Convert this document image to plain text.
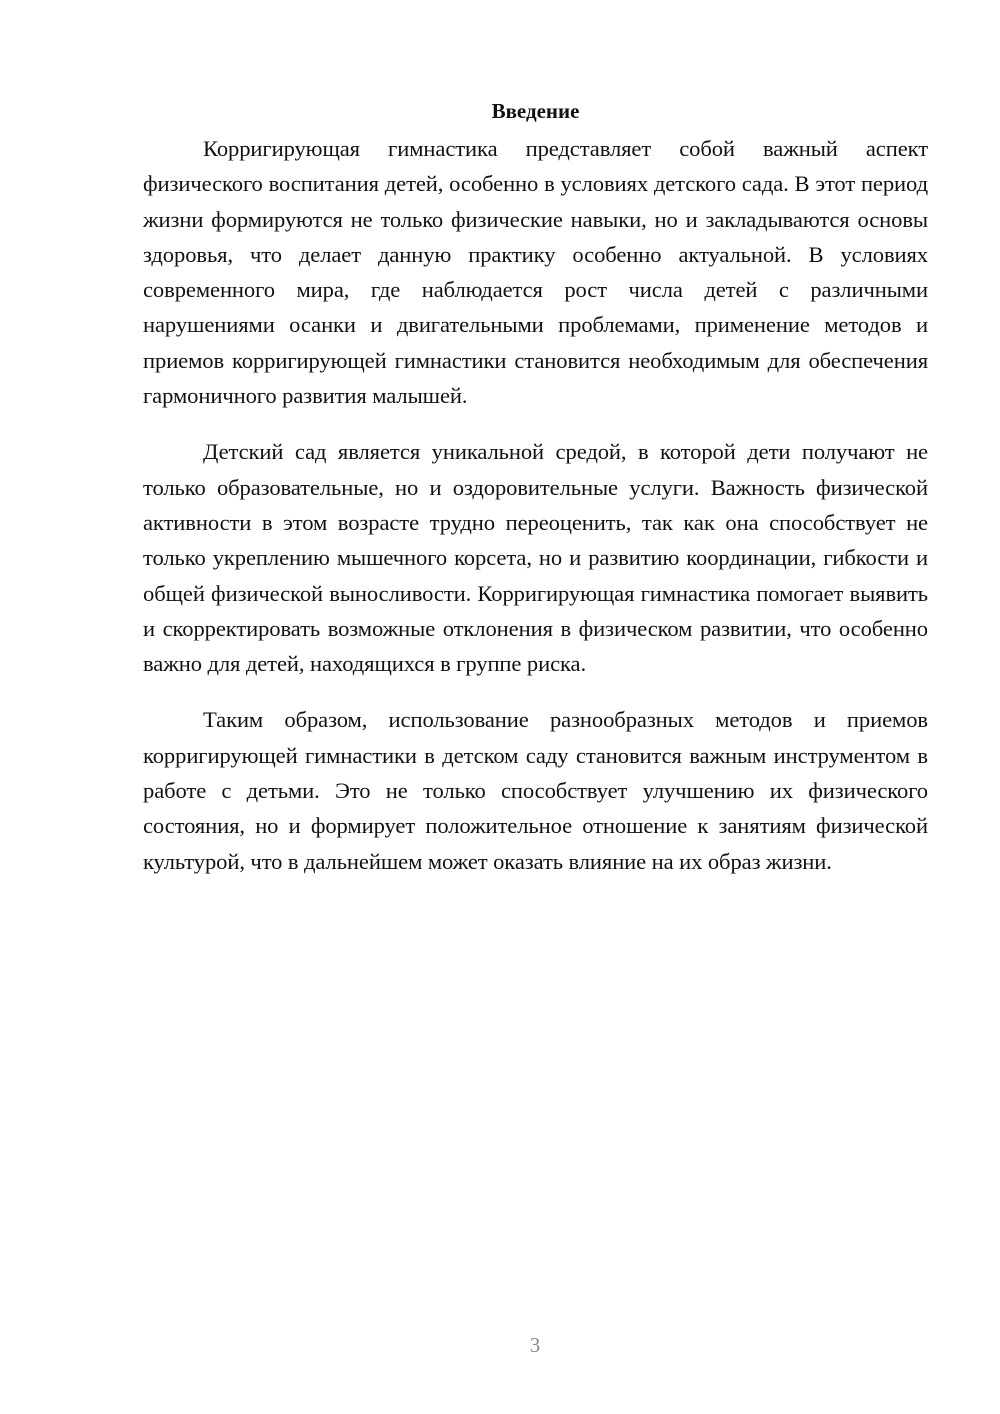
Введение

Корригирующая гимнастика представляет собой важный аспект физического воспитания детей, особенно в условиях детского сада. В этот период жизни формируются не только физические навыки, но и закладываются основы здоровья, что делает данную практику особенно актуальной. В условиях современного мира, где наблюдается рост числа детей с различными нарушениями осанки и двигательными проблемами, применение методов и приемов корригирующей гимнастики становится необходимым для обеспечения гармоничного развития малышей.

Детский сад является уникальной средой, в которой дети получают не только образовательные, но и оздоровительные услуги. Важность физической активности в этом возрасте трудно переоценить, так как она способствует не только укреплению мышечного корсета, но и развитию координации, гибкости и общей физической выносливости. Корригирующая гимнастика помогает выявить и скорректировать возможные отклонения в физическом развитии, что особенно важно для детей, находящихся в группе риска.

Таким образом, использование разнообразных методов и приемов корригирующей гимнастики в детском саду становится важным инструментом в работе с детьми. Это не только способствует улучшению их физического состояния, но и формирует положительное отношение к занятиям физической культурой, что в дальнейшем может оказать влияние на их образ жизни.

3
